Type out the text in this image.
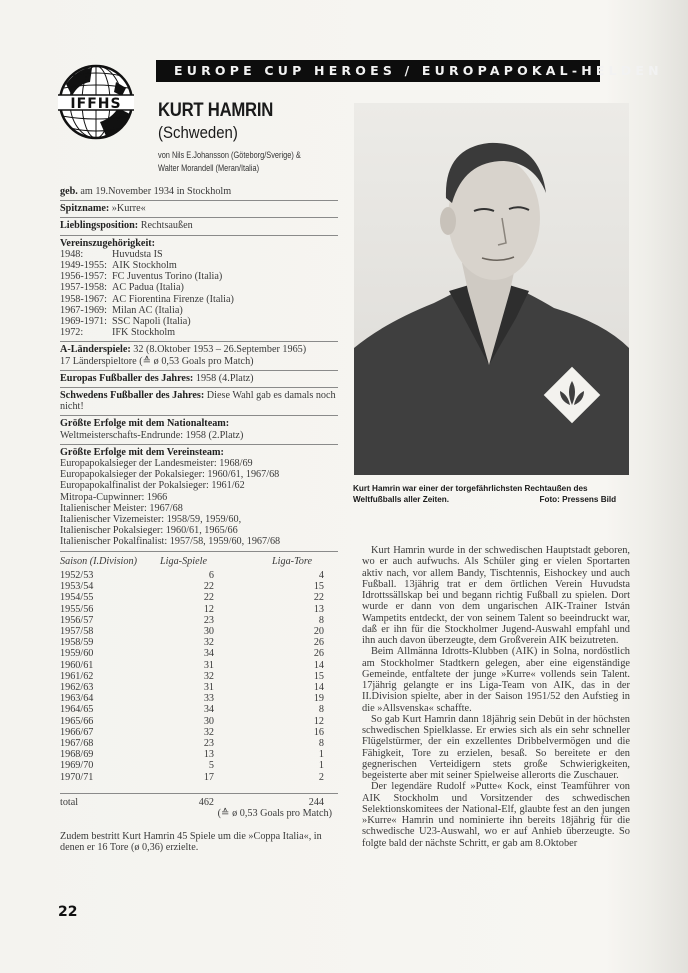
EUROPE CUP HEROES / EUROPAPOKAL-HELDEN
IFFHS KURT HAMRIN
(Schweden)
von Nils E.Johansson (Göteborg/Sverige) &
Walter Morandell (Meran/Italia)
geb. am 19.November 1934 in Stockholm
Spitzname: »Kurre«
Lieblingsposition: Rechtsaußen
Vereinszugehörigkeit:
1948:	Huvudsta IS
1949-1955: AIK Stockholm
1956-1957: FC Juventus Torino (Italia)
1957-1958: AC Padua (Italia)
1958-1967: AC Fiorentina Firenze (Italia)
1967-1969: Milan AC (Italia)
1969-1971: SSC Napoli (Italia)
1972:	IFK Stockholm
A-Länderspiele: 32 (8.Oktober 1953 – 26.September 1965)
17 Länderspieltore (≙ ø 0,53 Goals pro Match)
Europas Fußballer des Jahres: 1958 (4.Platz)
Schwedens Fußballer des Jahres: Diese Wahl gab es damals noch nicht!
Größte Erfolge mit dem Nationalteam:
Weltmeisterschafts-Endrunde: 1958 (2.Platz)
Größte Erfolge mit dem Vereinsteam:
Europapokalsieger der Landesmeister: 1968/69
Europapokalsieger der Pokalsieger: 1960/61, 1967/68
Europapokalfinalist der Pokalsieger: 1961/62
Mitropa-Cupwinner: 1966
Italienischer Meister: 1967/68
Italienischer Vizemeister: 1958/59, 1959/60,
Italienischer Pokalsieger: 1960/61, 1965/66
Italienischer Pokalfinalist: 1957/58, 1959/60, 1967/68
Saison (I.Division)	Liga-Spiele	Liga-Tore
1952/53	6	4
1953/54	22	15
1954/55	22	22
1955/56	12	13
1956/57	23	8
1957/58	30	20
1958/59	32	26
1959/60	34	26
1960/61	31	14
1961/62	32	15
1962/63	31	14
1963/64	33	19
1964/65	34	8
1965/66	30	12
1966/67	32	16
1967/68	23	8
1968/69	13	1
1969/70	5	1
1970/71	17	2
total	462	244
(≙ ø 0,53 Goals pro Match)
Zudem bestritt Kurt Hamrin 45 Spiele um die »Coppa Italia«, in denen er 16 Tore (ø 0,36) erzielte.
Kurt Hamrin war einer der torgefährlichsten Rechtaußen des Weltfußballs aller Zeiten.	Foto: Pressens Bild

Kurt Hamrin wurde in der schwedischen Hauptstadt geboren, wo er auch aufwuchs. Als Schüler ging er vielen Sportarten aktiv nach, vor allem Bandy, Tischtennis, Eishockey und auch Fußball. 13jährig trat er dem örtlichen Verein Huvudsta Idrottssällskap bei und begann richtig Fußball zu spielen. Dort wurde er dann von dem ungarischen AIK-Trainer István Wampetits entdeckt, der von seinem Talent so beeindruckt war, daß er ihn für die Stockholmer Jugend-Auswahl empfahl und ihn auch davon überzeugte, dem Großverein AIK beizutreten.

Beim Allmänna Idrotts-Klubben (AIK) in Solna, nordöstlich am Stockholmer Stadtkern gelegen, aber eine eigenständige Gemeinde, entfaltete der junge »Kurre« vollends sein Talent. 17jährig gelangte er ins Liga-Team von AIK, das in der II.Division spielte, aber in der Saison 1951/52 den Aufstieg in die »Allsvenska« schaffte.

So gab Kurt Hamrin dann 18jährig sein Debüt in der höchsten schwedischen Spielklasse. Er erwies sich als ein sehr schneller Flügelstürmer, der ein exzellentes Dribbelvermögen und die Fähigkeit, Tore zu erzielen, besaß. So bereitete er den gegnerischen Verteidigern stets große Schwierigkeiten, begeisterte aber mit seiner Spielweise allerorts die Zuschauer.

Der legendäre Rudolf »Putte« Kock, einst Teamführer von AIK Stockholm und Vorsitzender des schwedischen Selektionskomitees der National-Elf, glaubte fest an den jungen »Kurre« Hamrin und nominierte ihn bereits 18jährig für die schwedische U23-Auswahl, wo er auf Anhieb überzeugte. So folgte bald der nächste Schritt, er gab am 8.Oktober

22
